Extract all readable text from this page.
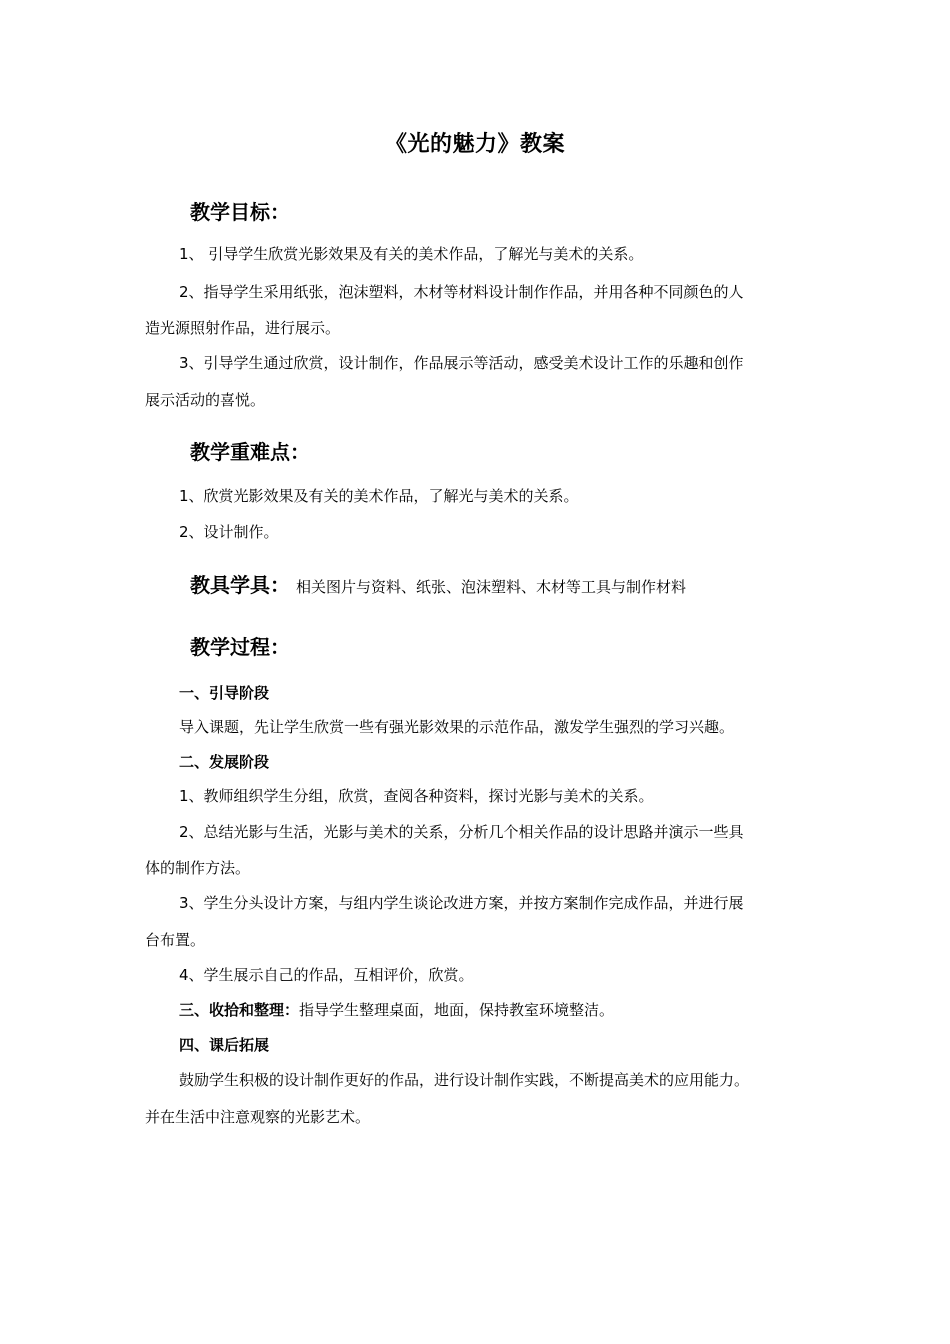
《光的魅力》教案
教学目标：
1、 引导学生欣赏光影效果及有关的美术作品，了解光与美术的关系。
2、指导学生采用纸张，泡沫塑料，木材等材料设计制作作品，并用各种不同颜色的人
造光源照射作品，进行展示。
3、引导学生通过欣赏，设计制作，作品展示等活动，感受美术设计工作的乐趣和创作
展示活动的喜悦。
教学重难点：
1、欣赏光影效果及有关的美术作品，了解光与美术的关系。
2、设计制作。
教具学具： 相关图片与资料、纸张、泡沫塑料、木材等工具与制作材料
教学过程：
一、引导阶段
导入课题，先让学生欣赏一些有强光影效果的示范作品，激发学生强烈的学习兴趣。
二、发展阶段
1、教师组织学生分组，欣赏，查阅各种资料，探讨光影与美术的关系。
2、总结光影与生活，光影与美术的关系，分析几个相关作品的设计思路并演示一些具
体的制作方法。
3、学生分头设计方案，与组内学生谈论改进方案，并按方案制作完成作品，并进行展
台布置。
4、学生展示自己的作品，互相评价，欣赏。
三、收拾和整理：指导学生整理桌面，地面，保持教室环境整洁。
四、课后拓展
鼓励学生积极的设计制作更好的作品，进行设计制作实践，不断提高美术的应用能力。
并在生活中注意观察的光影艺术。
